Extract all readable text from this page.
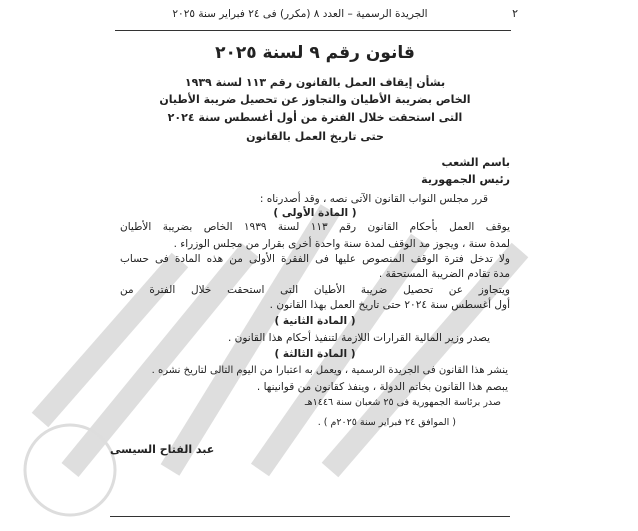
٢
الجريدة الرسمية – العدد ٨ (مكرر) فى ٢٤ فبراير سنة ٢٠٢٥
قانون رقم ٩ لسنة ٢٠٢٥
بشأن إيقاف العمل بالقانون رقم ١١٣ لسنة ١٩٣٩
الخاص بضريبة الأطيان والتجاوز عن تحصيل ضريبة الأطيان
التى استحقت خلال الفترة من أول أغسطس سنة ٢٠٢٤
حتى تاريخ العمل بالقانون
باسم الشعب
رئيس الجمهورية
قرر مجلس النواب القانون الآتى نصه ، وقد أصدرناه :
( المادة الأولى )
يوقف العمل بأحكام القانون رقم ١١٣ لسنة ١٩٣٩ الخاص بضريبة الأطيان
لمدة سنة ، ويجوز مد الوقف لمدة سنة واحدة أخرى بقرار من مجلس الوزراء .
ولا تدخل فترة الوقف المنصوص عليها فى الفقرة الأولى من هذه المادة فى حساب
مدة تقادم الضريبة المستحقة .
ويتجاوز عن تحصيل ضريبة الأطيان التى استحقت خلال الفترة من
أول أغسطس سنة ٢٠٢٤ حتى تاريخ العمل بهذا القانون .
( المادة الثانية )
يصدر وزير المالية القرارات اللازمة لتنفيذ أحكام هذا القانون .
( المادة الثالثة )
ينشر هذا القانون فى الجريدة الرسمية ، ويعمل به اعتبارا من اليوم التالى لتاريخ نشره .
يبصم هذا القانون بخاتم الدولة ، وينفذ كقانون من قوانينها .
صدر برئاسة الجمهورية فى ٢٥ شعبان سنة ١٤٤٦هـ
( الموافق ٢٤ فبراير سنة ٢٠٢٥م ) .
عبد الفتاح السيسى
